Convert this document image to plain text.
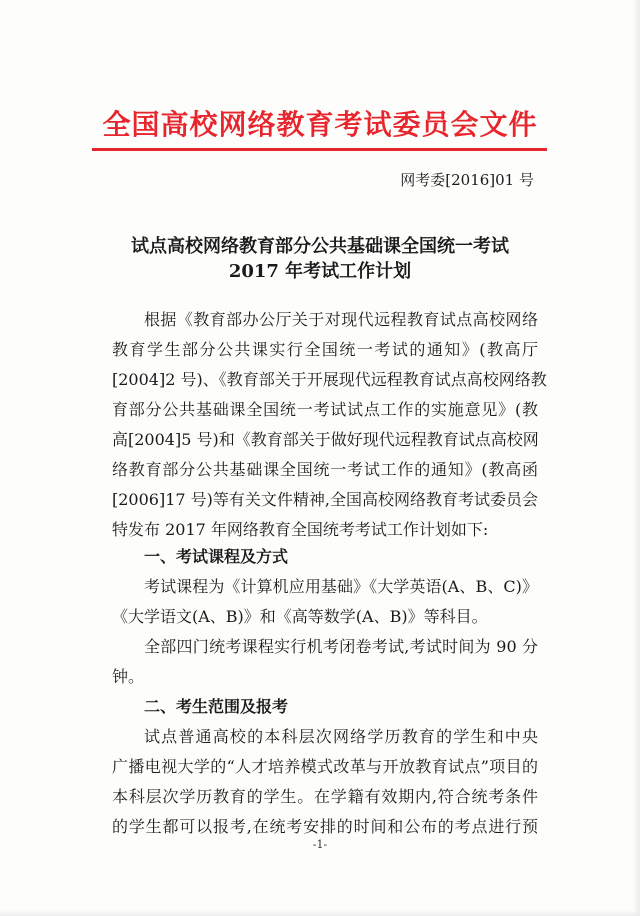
全国高校网络教育考试委员会文件
网考委[2016]01 号
试点高校网络教育部分公共基础课全国统一考试
2017 年考试工作计划
根据《教育部办公厅关于对现代远程教育试点高校网络
教育学生部分公共课实行全国统一考试的通知》(教高厅
[2004]2 号)、《教育部关于开展现代远程教育试点高校网络教
育部分公共基础课全国统一考试试点工作的实施意见》(教
高[2004]5 号)和《教育部关于做好现代远程教育试点高校网
络教育部分公共基础课全国统一考试工作的通知》(教高函
[2006]17 号)等有关文件精神,全国高校网络教育考试委员会
特发布 2017 年网络教育全国统考考试工作计划如下:
一、考试课程及方式
考试课程为《计算机应用基础》《大学英语(A、B、C)》
《大学语文(A、B)》和《高等数学(A、B)》等科目。
全部四门统考课程实行机考闭卷考试,考试时间为 90 分
钟。
二、考生范围及报考
试点普通高校的本科层次网络学历教育的学生和中央
广播电视大学的“人才培养模式改革与开放教育试点”项目的
本科层次学历教育的学生。在学籍有效期内,符合统考条件
的学生都可以报考,在统考安排的时间和公布的考点进行预
-1-
